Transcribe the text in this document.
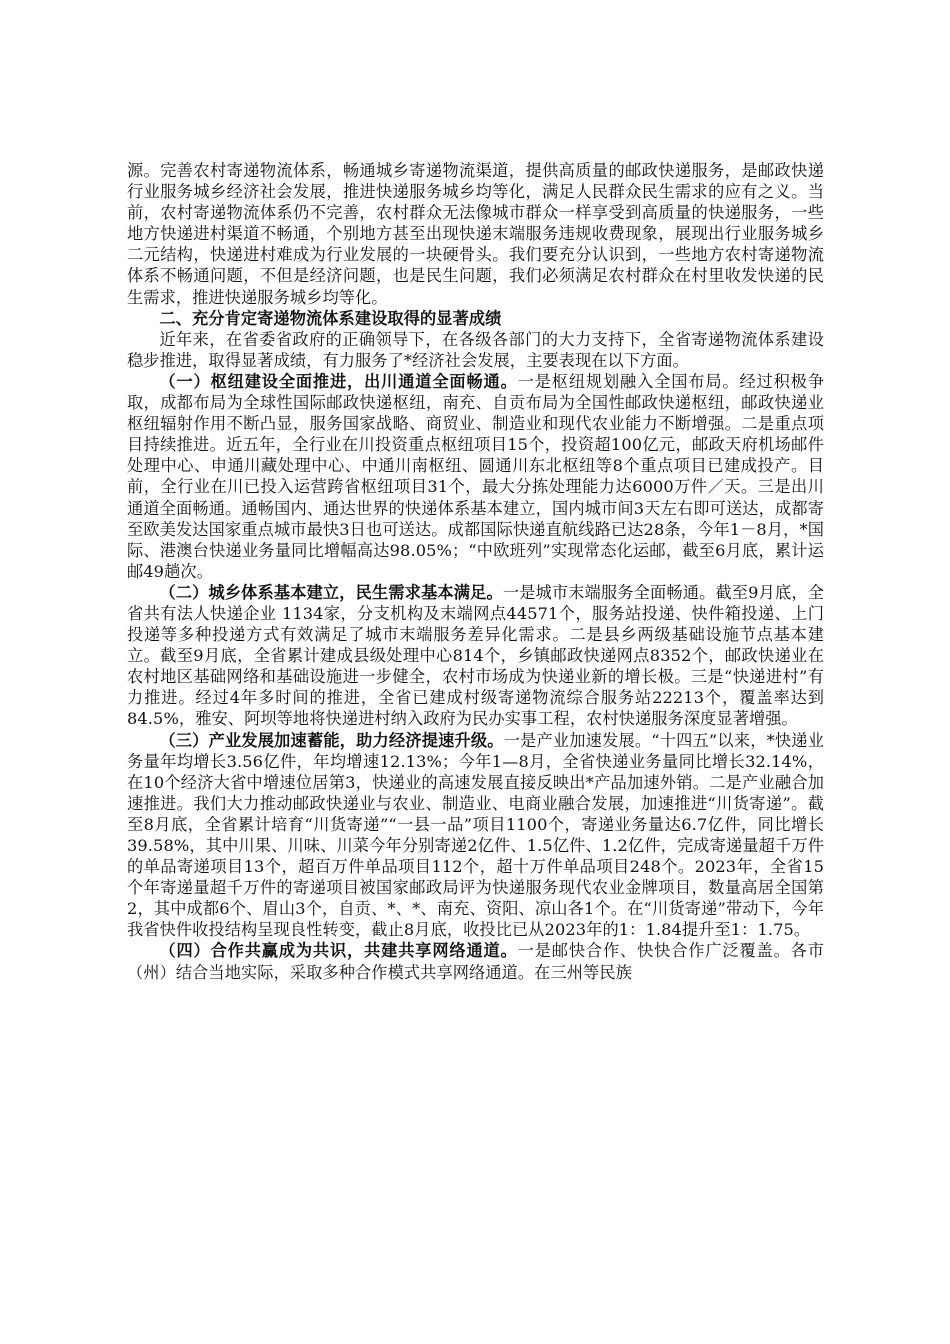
源。完善农村寄递物流体系，畅通城乡寄递物流渠道，提供高质量的邮政快递服务，是邮政快递行业服务城乡经济社会发展，推进快递服务城乡均等化，满足人民群众民生需求的应有之义。当前，农村寄递物流体系仍不完善，农村群众无法像城市群众一样享受到高质量的快递服务，一些地方快递进村渠道不畅通，个别地方甚至出现快递末端服务违规收费现象，展现出行业服务城乡二元结构，快递进村难成为行业发展的一块硬骨头。我们要充分认识到，一些地方农村寄递物流体系不畅通问题，不但是经济问题，也是民生问题，我们必须满足农村群众在村里收发快递的民生需求，推进快递服务城乡均等化。

二、充分肯定寄递物流体系建设取得的显著成绩

近年来，在省委省政府的正确领导下，在各级各部门的大力支持下，全省寄递物流体系建设稳步推进，取得显著成绩，有力服务了*经济社会发展，主要表现在以下方面。

（一）枢纽建设全面推进，出川通道全面畅通。一是枢纽规划融入全国布局。经过积极争取，成都布局为全球性国际邮政快递枢纽，南充、自贡布局为全国性邮政快递枢纽，邮政快递业枢纽辐射作用不断凸显，服务国家战略、商贸业、制造业和现代农业能力不断增强。二是重点项目持续推进。近五年，全行业在川投资重点枢纽项目15个，投资超100亿元，邮政天府机场邮件处理中心、申通川藏处理中心、中通川南枢纽、圆通川东北枢纽等8个重点项目已建成投产。目前，全行业在川已投入运营跨省枢纽项目31个，最大分拣处理能力达6000万件／天。三是出川通道全面畅通。通畅国内、通达世界的快递体系基本建立，国内城市间3天左右即可送达，成都寄至欧美发达国家重点城市最快3日也可送达。成都国际快递直航线路已达28条，今年1－8月，*国际、港澳台快递业务量同比增幅高达98.05%；“中欧班列”实现常态化运邮，截至6月底，累计运邮49趟次。

（二）城乡体系基本建立，民生需求基本满足。一是城市末端服务全面畅通。截至9月底，全省共有法人快递企业 1134家，分支机构及末端网点44571个，服务站投递、快件箱投递、上门投递等多种投递方式有效满足了城市末端服务差异化需求。二是县乡两级基础设施节点基本建立。截至9月底，全省累计建成县级处理中心814个，乡镇邮政快递网点8352个，邮政快递业在农村地区基础网络和基础设施进一步健全，农村市场成为快递业新的增长极。三是“快递进村”有力推进。经过4年多时间的推进，全省已建成村级寄递物流综合服务站22213个，覆盖率达到84.5%，雅安、阿坝等地将快递进村纳入政府为民办实事工程，农村快递服务深度显著增强。

（三）产业发展加速蓄能，助力经济提速升级。一是产业加速发展。“十四五”以来，*快递业务量年均增长3.56亿件，年均增速12.13%；今年1—8月，全省快递业务量同比增长32.14%，在10个经济大省中增速位居第3，快递业的高速发展直接反映出*产品加速外销。二是产业融合加速推进。我们大力推动邮政快递业与农业、制造业、电商业融合发展，加速推进“川货寄递”。截至8月底，全省累计培育“川货寄递”“一县一品”项目1100个，寄递业务量达6.7亿件，同比增长39.58%，其中川果、川味、川菜今年分别寄递2亿件、1.5亿件、1.2亿件，完成寄递量超千万件的单品寄递项目13个，超百万件单品项目112个，超十万件单品项目248个。2023年，全省15个年寄递量超千万件的寄递项目被国家邮政局评为快递服务现代农业金牌项目，数量高居全国第2，其中成都6个、眉山3个，自贡、*、*、南充、资阳、凉山各1个。在“川货寄递”带动下，今年我省快件收投结构呈现良性转变，截止8月底，收投比已从2023年的1：1.84提升至1：1.75。

（四）合作共赢成为共识，共建共享网络通道。一是邮快合作、快快合作广泛覆盖。各市（州）结合当地实际，采取多种合作模式共享网络通道。在三州等民族
